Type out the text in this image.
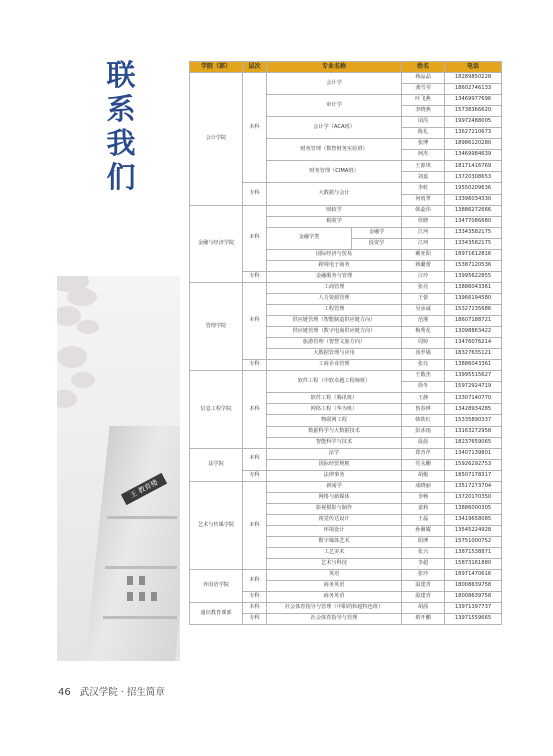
联
系
我
们
王 教育楼
学院（部）	层次	专业名称		姓名	电话
会计学院	本科	会计学		蒋晶晶	18289850228
				龚雪莹	18602746133
		审计学		叶飞燕	13469977696
				李晓燕	15738366620
		会计学（ACA班）		闵芮	19972488005
				陈礼	13627210673
		财务管理（数智财务实验班）		张博	18986120280
				柯杰	13469984639
		财务管理（CIMA班）		王源琪	18171416769
				刘嘉	13720308653
	专科	大数据与会计		李虹	19550209636
				何雨菁	13396034330
金融与经济学院	本科	财政学		韩蕊伟	13886272666
		税收学		侯晓	13477086680
		金融学类	金融学	江珂	13343582175
			投资学	江珂	13343582175
		国际经济与贸易		戴亚阳	18971612816
		跨境电子商务		蒋璐蕾	15387120536
	专科	金融服务与管理		汪玲	13995622855
管理学院	本科	工商管理		张亮	13886043361
		人力资源管理		王蕾	13966194580
		工程管理		吴承诚	15327235686
		供应链管理（智能制造供应链方向）		范瑾	18607188721
		供应链管理（数字电商供应链方向）		梅秀花	13098863422
		旅游管理（智慧文旅方向）		周婷	13476076214
		大数据管理与应用		汤罗墙	18327635121
	专科	工商企业管理		张亮	13886043361
信息工程学院	本科	软件工程（中软卓越工程师班）		王敬杰	13995515627
				徐冬	15972924719
		软件工程（腾讯班）		王静	13307140770
		网络工程（华为班）		鲁春烨	13428934285
		物联网工程		韩铁红	15335890337
		数据科学与大数据技术		彭沐雨	13163272958
		智能科学与技术		晨晨	18237659065
法学院	本科	法学		郑青芹	13407139801
		国际经贸规则		党永鹏	15926292753
	专科	法律事务		胡俊	18507178317
艺术与传媒学院	本科	新闻学		成晓丽	13517273704
		网络与新媒体		李畅	13720170350
		影视摄影与制作		姜莉	13886000305
		视觉传达设计		王磊	13419658085
		环境设计		孙佩耀	13545224928
		数字媒体艺术		阳博	15751000752
		工艺美术		张兴	13871538871
		艺术与科技		李超	15873161880
外国语学院	本科	英语		张玲	18971470616
		商务英语		温建青	18008639758
	专科	商务英语		温建青	18008639758
通识教育课部	本科	社会体育指导与管理（中职的和超特色班）		胡茜	13971397737
	专科	社会体育指导与管理		蔡开鹏	13971559665
46 武汉学院 · 招生简章
